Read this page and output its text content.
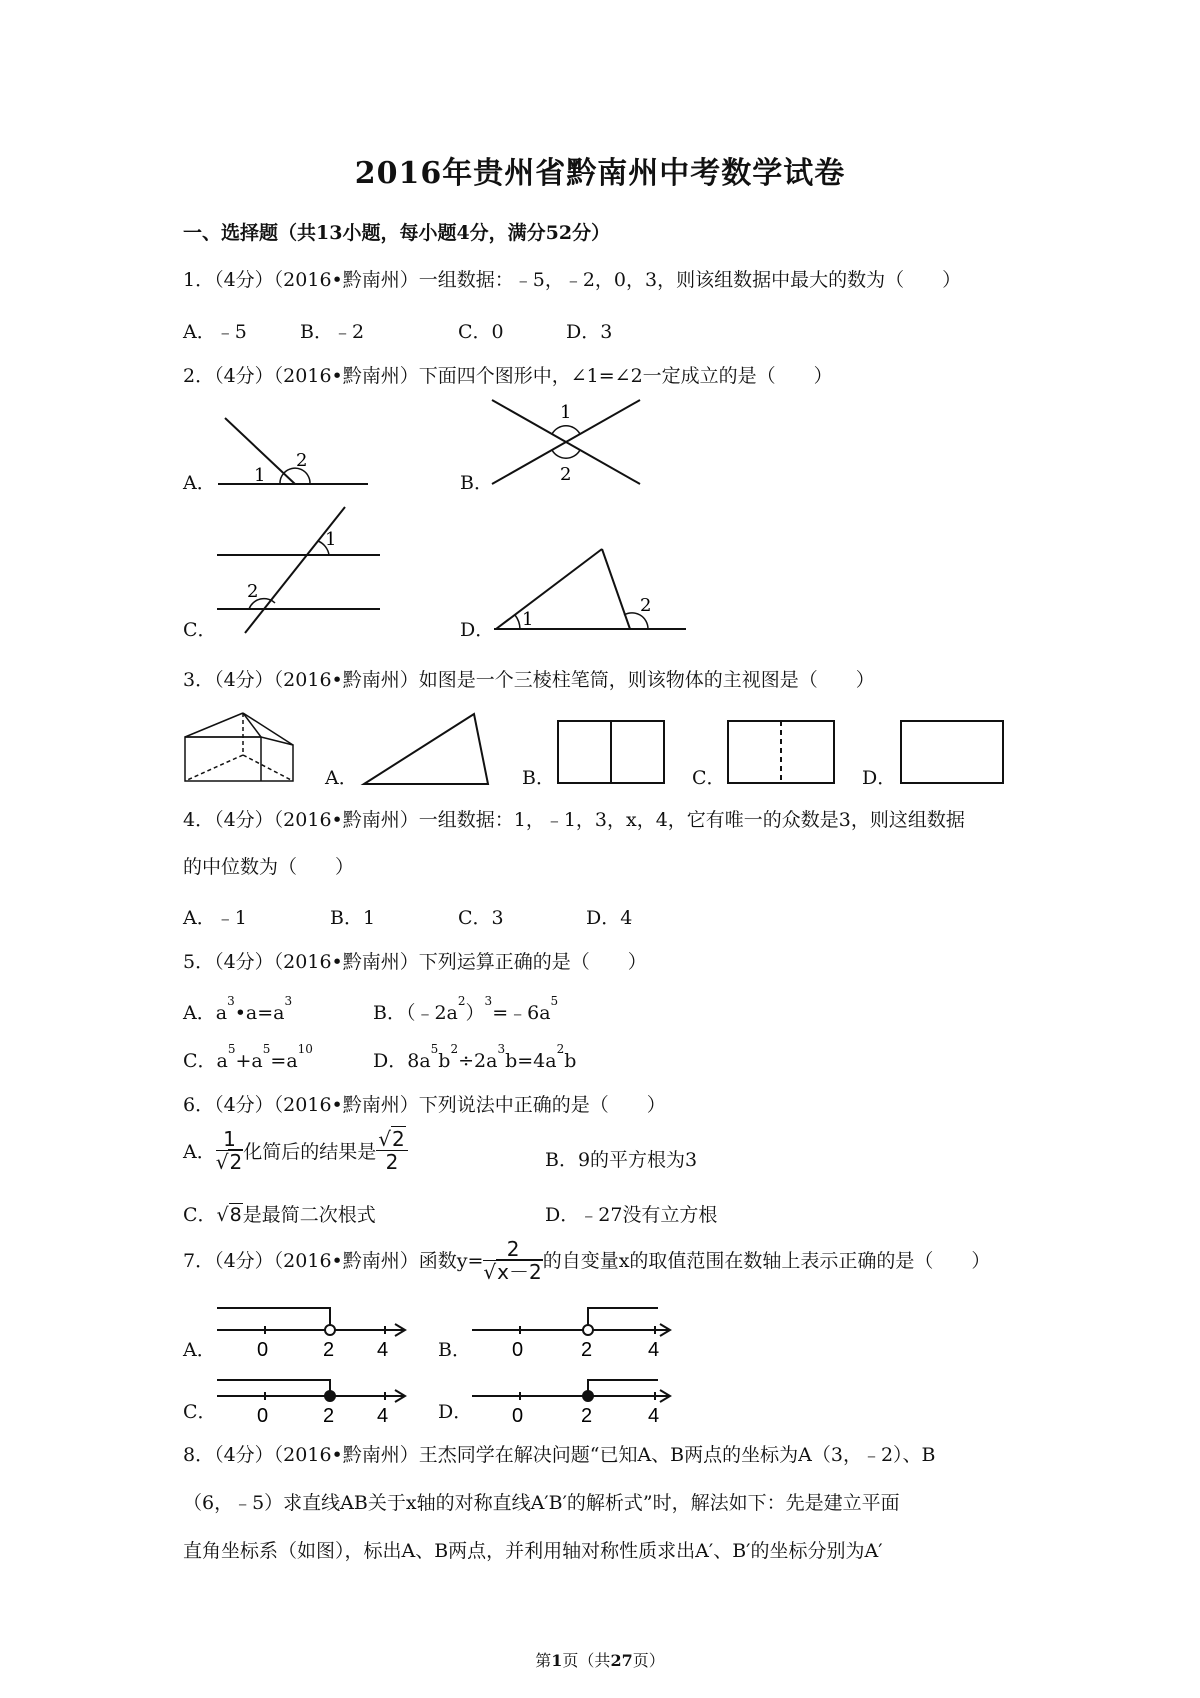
2016年贵州省黔南州中考数学试卷
一、选择题（共13小题，每小题4分，满分52分）
1．（4分）（2016•黔南州）一组数据：﹣5，﹣2，0，3，则该组数据中最大的数为（　　）
A．﹣5	B．﹣2	C．0	D．3
2．（4分）（2016•黔南州）下面四个图形中，∠1=∠2一定成立的是（　　）
A．	B．
C．	D．
1
2
1
2
1
2
1
2
3．（4分）（2016•黔南州）如图是一个三棱柱笔筒，则该物体的主视图是（　　）
A．	B．	C．	D．
4．（4分）（2016•黔南州）一组数据：1，﹣1，3，x，4，它有唯一的众数是3，则这组数据
的中位数为（　　）
A．﹣1	B．1	C．3	D．4
5．（4分）（2016•黔南州）下列运算正确的是（　　）
A．$a^3•a=a^3$
B．$(﹣2a^2)^3=﹣6a^5$
C．$a^5+a^5=a^{10}$
D．$8a^5b^2\div 2a^3b=4a^2b$
6．（4分）（2016•黔南州）下列说法中正确的是（　　）
A． $\frac{1}{√2}$ 化简后的结果是 $\frac{√2}{2}$	B．9的平方根为3
C．√8是最简二次根式	D．﹣27没有立方根
7．（4分）（2016•黔南州）函数$y= \frac{2}{√x-2}$ 的自变量x的取值范围在数轴上表示正确的是（　　）
A．	B．
C．	D．
0	2 4	0	2	4
0	2 4	0	2	4
8．（4分）（2016•黔南州）王杰同学在解决问题“已知A、B两点的坐标为A（3，﹣2）、B
（6，﹣5）求直线AB关于x轴的对称直线A′B′的解析式”时，解法如下：先是建立平面
直角坐标系（如图），标出A、B两点，并利用轴对称性质求出A′、B′的坐标分别为A′
第1页（共27页）
